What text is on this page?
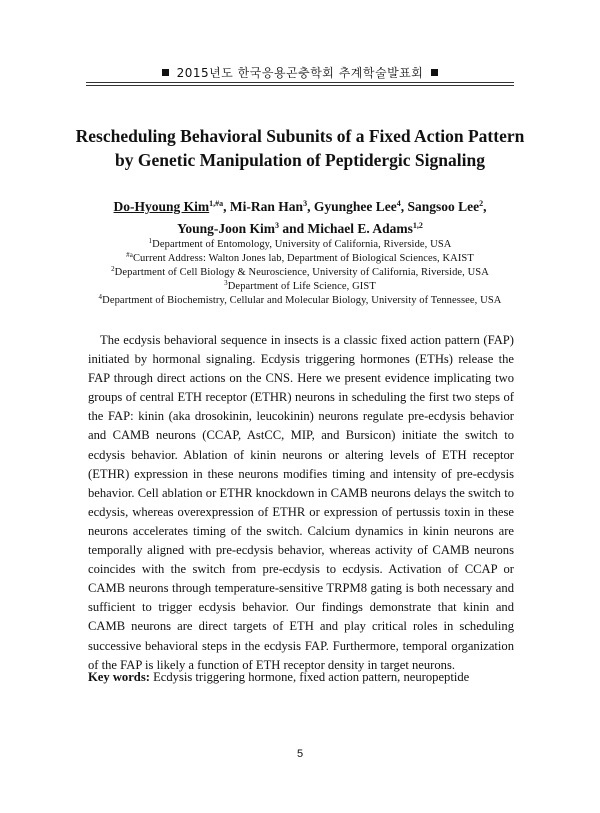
2015년도 한국응용곤충학회 추계학술발표회
Rescheduling Behavioral Subunits of a Fixed Action Pattern
by Genetic Manipulation of Peptidergic Signaling
Do-Hyoung Kim$^{1,\#a}$, Mi-Ran Han$^3$, Gyunghee Lee$^4$, Sangsoo Lee$^2$,
Young-Joon Kim$^3$ and Michael E. Adams$^{1,2}$
$^1$Department of Entomology, University of California, Riverside, USA
$^{\#a}$Current Address: Walton Jones lab, Department of Biological Sciences, KAIST
$^2$Department of Cell Biology & Neuroscience, University of California, Riverside, USA
$^3$Department of Life Science, GIST
$^4$Department of Biochemistry, Cellular and Molecular Biology, University of Tennessee, USA

The ecdysis behavioral sequence in insects is a classic fixed action pattern (FAP) initiated by hormonal signaling. Ecdysis triggering hormones (ETHs) release the FAP through direct actions on the CNS. Here we present evidence implicating two groups of central ETH receptor (ETHR) neurons in scheduling the first two steps of the FAP: kinin (aka drosokinin, leucokinin) neurons regulate pre-ecdysis behavior and CAMB neurons (CCAP, AstCC, MIP, and Bursicon) initiate the switch to ecdysis behavior. Ablation of kinin neurons or altering levels of ETH receptor (ETHR) expression in these neurons modifies timing and intensity of pre-ecdysis behavior. Cell ablation or ETHR knockdown in CAMB neurons delays the switch to ecdysis, whereas overexpression of ETHR or expression of pertussis toxin in these neurons accelerates timing of the switch. Calcium dynamics in kinin neurons are temporally aligned with pre-ecdysis behavior, whereas activity of CAMB neurons coincides with the switch from pre-ecdysis to ecdysis. Activation of CCAP or CAMB neurons through temperature-sensitive TRPM8 gating is both necessary and sufficient to trigger ecdysis behavior. Our findings demonstrate that kinin and CAMB neurons are direct targets of ETH and play critical roles in scheduling successive behavioral steps in the ecdysis FAP. Furthermore, temporal organization of the FAP is likely a function of ETH receptor density in target neurons.

Key words: Ecdysis triggering hormone, fixed action pattern, neuropeptide
5
